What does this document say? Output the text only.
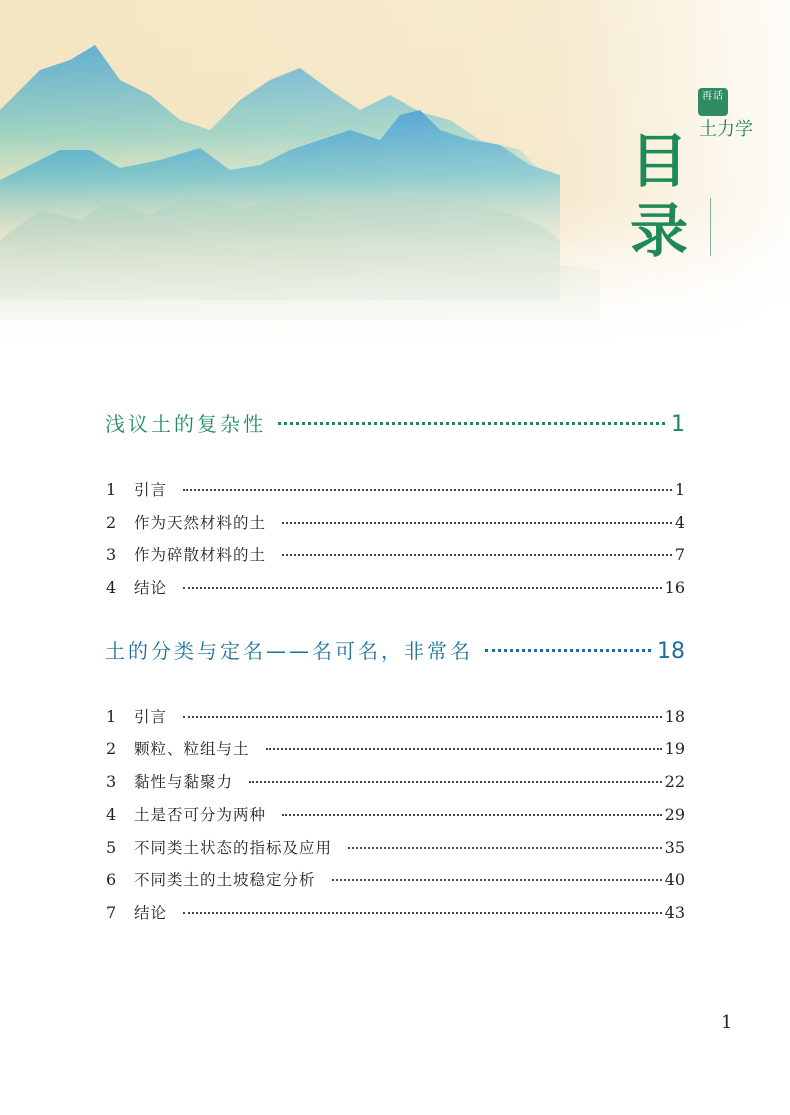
再话
土力学
目
录
浅议土的复杂性	1
1	引言	1
2	作为天然材料的土	4
3	作为碎散材料的土	7
4	结论	16
土的分类与定名——名可名，非常名	18
1	引言	18
2	颗粒、粒组与土	19
3	黏性与黏聚力	22
4	土是否可分为两种	29
5	不同类土状态的指标及应用	35
6	不同类土的土坡稳定分析	40
7	结论	43
1
